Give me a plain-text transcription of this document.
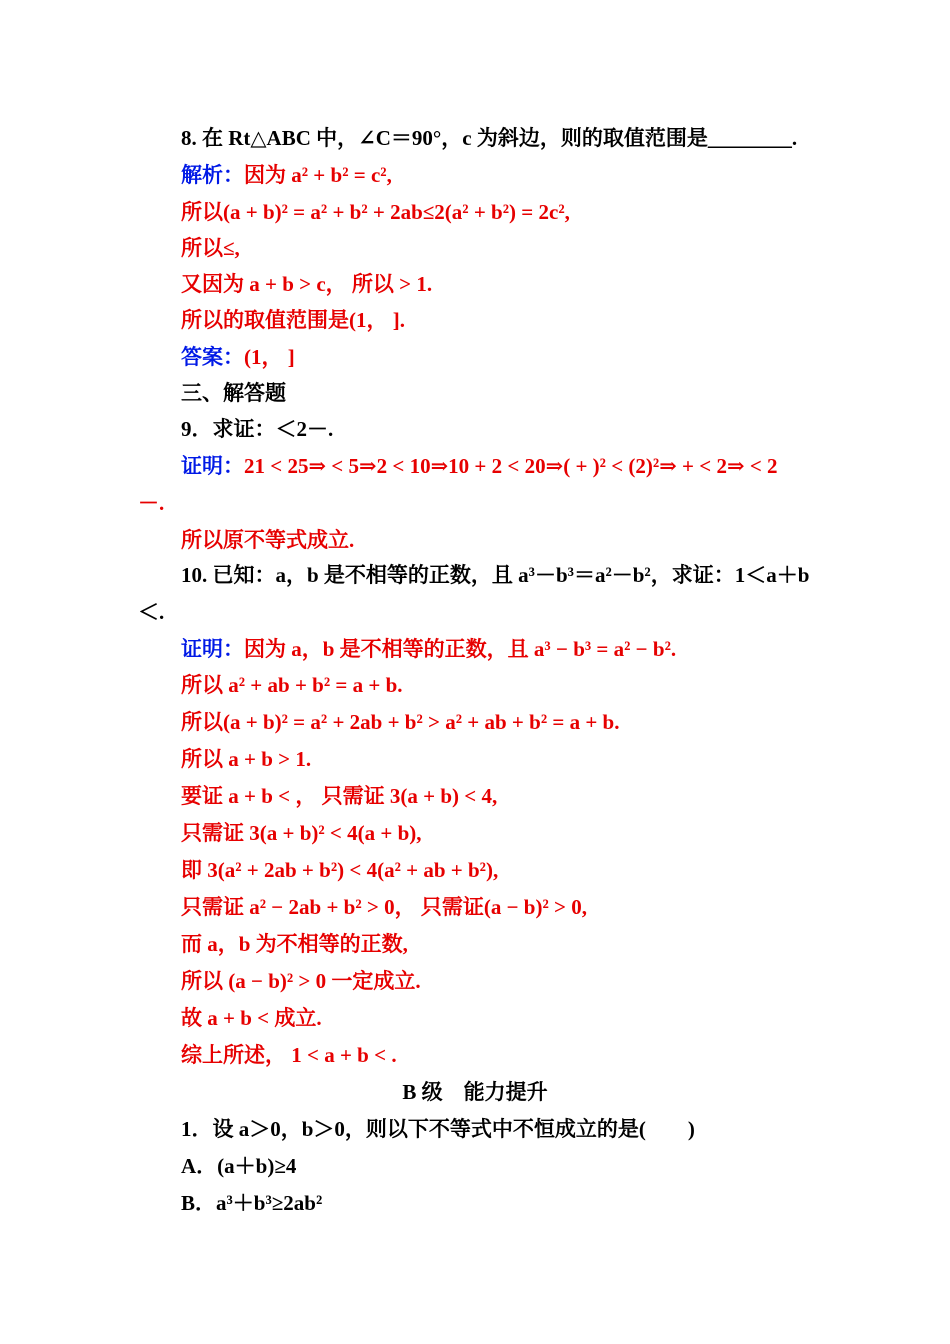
8. 在 Rt△ABC 中，∠C＝90°，c 为斜边，则的取值范围是________.
解析：因为 a² + b² = c²,
所以(a + b)² = a² + b² + 2ab≤2(a² + b²) = 2c²,
所以≤,
又因为 a + b > c， 所以 > 1.
所以的取值范围是(1， ].
答案：(1， ]
三、解答题
9．求证：＜2－.
证明：21 < 25⇒ < 5⇒2 < 10⇒10 + 2 < 20⇒( + )² < (2)²⇒ + < 2⇒ < 2
－.
所以原不等式成立.
10. 已知：a，b 是不相等的正数，且 a³－b³＝a²－b²，求证：1＜a＋b
＜.
证明：因为 a，b 是不相等的正数，且 a³ − b³ = a² − b².
所以 a² + ab + b² = a + b.
所以(a + b)² = a² + 2ab + b² > a² + ab + b² = a + b.
所以 a + b > 1.
要证 a + b < ， 只需证 3(a + b) < 4,
只需证 3(a + b)² < 4(a + b),
即 3(a² + 2ab + b²) < 4(a² + ab + b²),
只需证 a² − 2ab + b² > 0， 只需证(a − b)² > 0,
而 a，b 为不相等的正数,
所以 (a − b)² > 0 一定成立.
故 a + b < 成立.
综上所述， 1 < a + b < .
B 级　能力提升
1．设 a＞0，b＞0，则以下不等式中不恒成立的是(　　)
A．(a＋b)≥4
B．a³＋b³≥2ab²
